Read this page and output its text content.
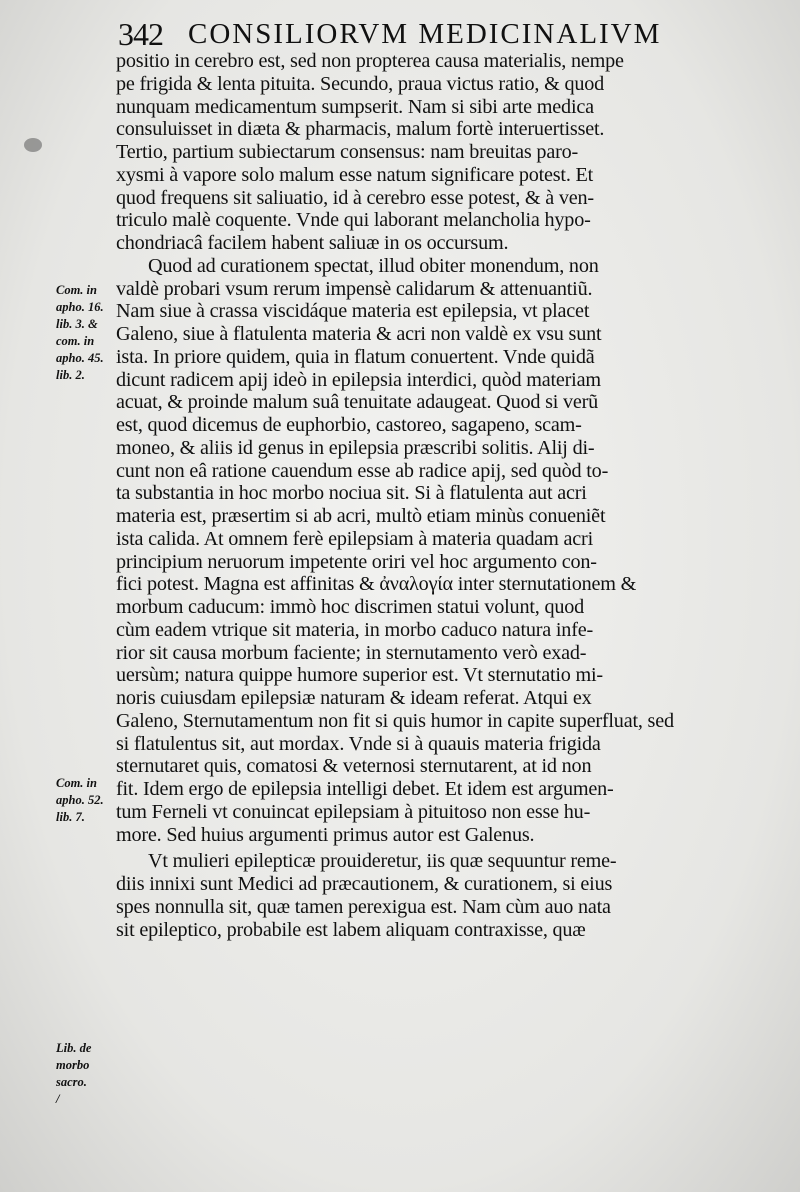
342 CONSILIORVM MEDICINALIVM
positio in cerebro est, sed non propterea causa materialis, nempe
pe frigida & lenta pituita. Secundo, praua victus ratio, & quod
nunquam medicamentum sumpserit. Nam si sibi arte medica
consuluisset in diæta & pharmacis, malum fortè interuertisset.
Tertio, partium subiectarum consensus: nam breuitas paro-
xysmi à vapore solo malum esse natum significare potest. Et
quod frequens sit saliuatio, id à cerebro esse potest, & à ven-
triculo malè coquente. Vnde qui laborant melancholia hypo-
chondriacâ facilem habent saliuæ in os occursum.
Quod ad curationem spectat, illud obiter monendum, non
valdè probari vsum rerum impensè calidarum & attenuantiũ.
Nam siue à crassa viscidáque materia est epilepsia, vt placet
Galeno, siue à flatulenta materia & acri non valdè ex vsu sunt
ista. In priore quidem, quia in flatum conuertent. Vnde quidã
dicunt radicem apij ideò in epilepsia interdici, quòd materiam
acuat, & proinde malum suâ tenuitate adaugeat. Quod si verũ
est, quod dicemus de euphorbio, castoreo, sagapeno, scam-
moneo, & aliis id genus in epilepsia præscribi solitis. Alij di-
cunt non eâ ratione cauendum esse ab radice apij, sed quòd to-
ta substantia in hoc morbo nociua sit. Si à flatulenta aut acri
materia est, præsertim si ab acri, multò etiam minùs conueniẽt
ista calida. At omnem ferè epilepsiam à materia quadam acri
principium neruorum impetente oriri vel hoc argumento con-
fici potest. Magna est affinitas & ἀναλογία inter sternutationem &
morbum caducum: immò hoc discrimen statui volunt, quod
cùm eadem vtrique sit materia, in morbo caduco natura infe-
rior sit causa morbum faciente; in sternutamento verò exad-
uersùm; natura quippe humore superior est. Vt sternutatio mi-
noris cuiusdam epilepsiæ naturam & ideam referat. Atqui ex
Galeno, Sternutamentum non fit si quis humor in capite superfluat, sed
si flatulentus sit, aut mordax. Vnde si à quauis materia frigida
sternutaret quis, comatosi & veternosi sternutarent, at id non
fit. Idem ergo de epilepsia intelligi debet. Et idem est argumen-
tum Ferneli vt conuincat epilepsiam à pituitoso non esse hu-
more. Sed huius argumenti primus autor est Galenus.
Vt mulieri epilepticæ prouideretur, iis quæ sequuntur reme-
diis innixi sunt Medici ad præcautionem, & curationem, si eius
spes nonnulla sit, quæ tamen perexigua est. Nam cùm auo nata
sit epileptico, probabile est labem aliquam contraxisse, quæ
Com. in
aphо. 16.
lib. 3. &
com. in
aphо. 45.
lib. 2.
Com. in
aphо. 52.
lib. 7.
Lib. de
morbo
sacro.
/
